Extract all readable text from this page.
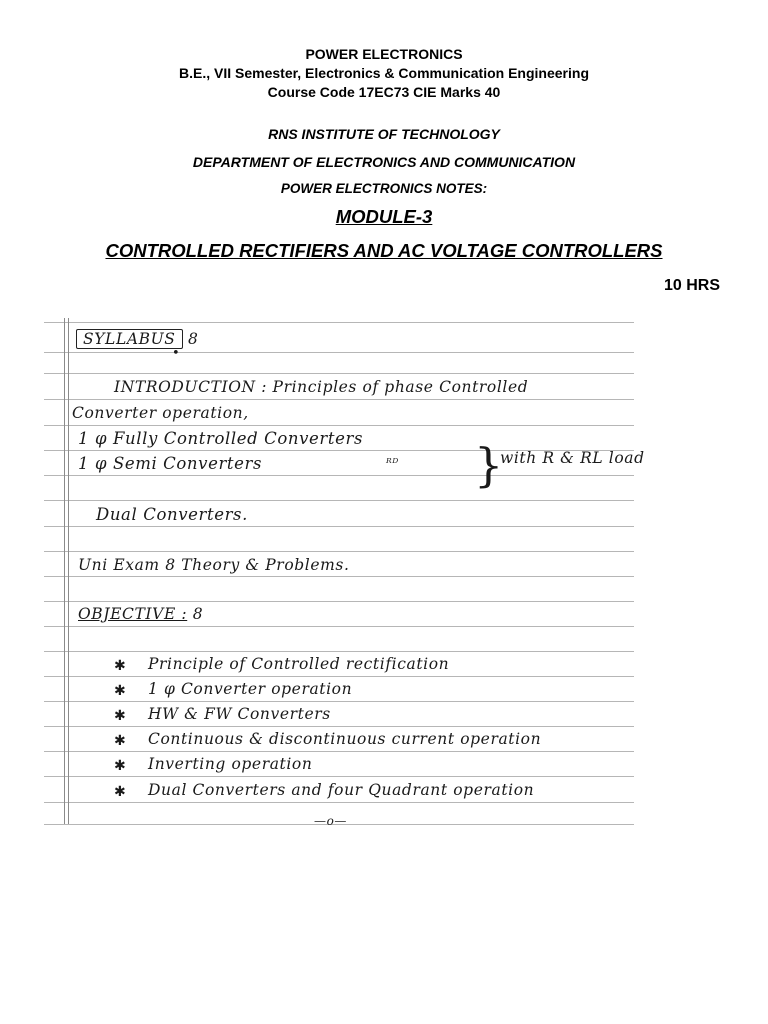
POWER ELECTRONICS
B.E., VII Semester, Electronics & Communication Engineering
Course Code 17EC73 CIE Marks 40
RNS INSTITUTE OF TECHNOLOGY
DEPARTMENT OF ELECTRONICS AND COMMUNICATION
POWER ELECTRONICS NOTES:
MODULE-3
CONTROLLED RECTIFIERS AND AC VOLTAGE CONTROLLERS
10 HRS
SYLLABUS 8
•
INTRODUCTION : Principles of phase Controlled
Converter operation,
1 φ Fully Controlled Converters
1 φ Semi Converters	ᴿᴰ }
with R & RL load
Dual Converters.
Uni Exam 8 Theory & Problems.
OBJECTIVE : 8
✱ Principle of Controlled rectification
✱ 1 φ Converter operation
✱ HW & FW Converters
✱ Continuous & discontinuous current operation
✱ Inverting operation
✱ Dual Converters and four Quadrant operation
—o—
